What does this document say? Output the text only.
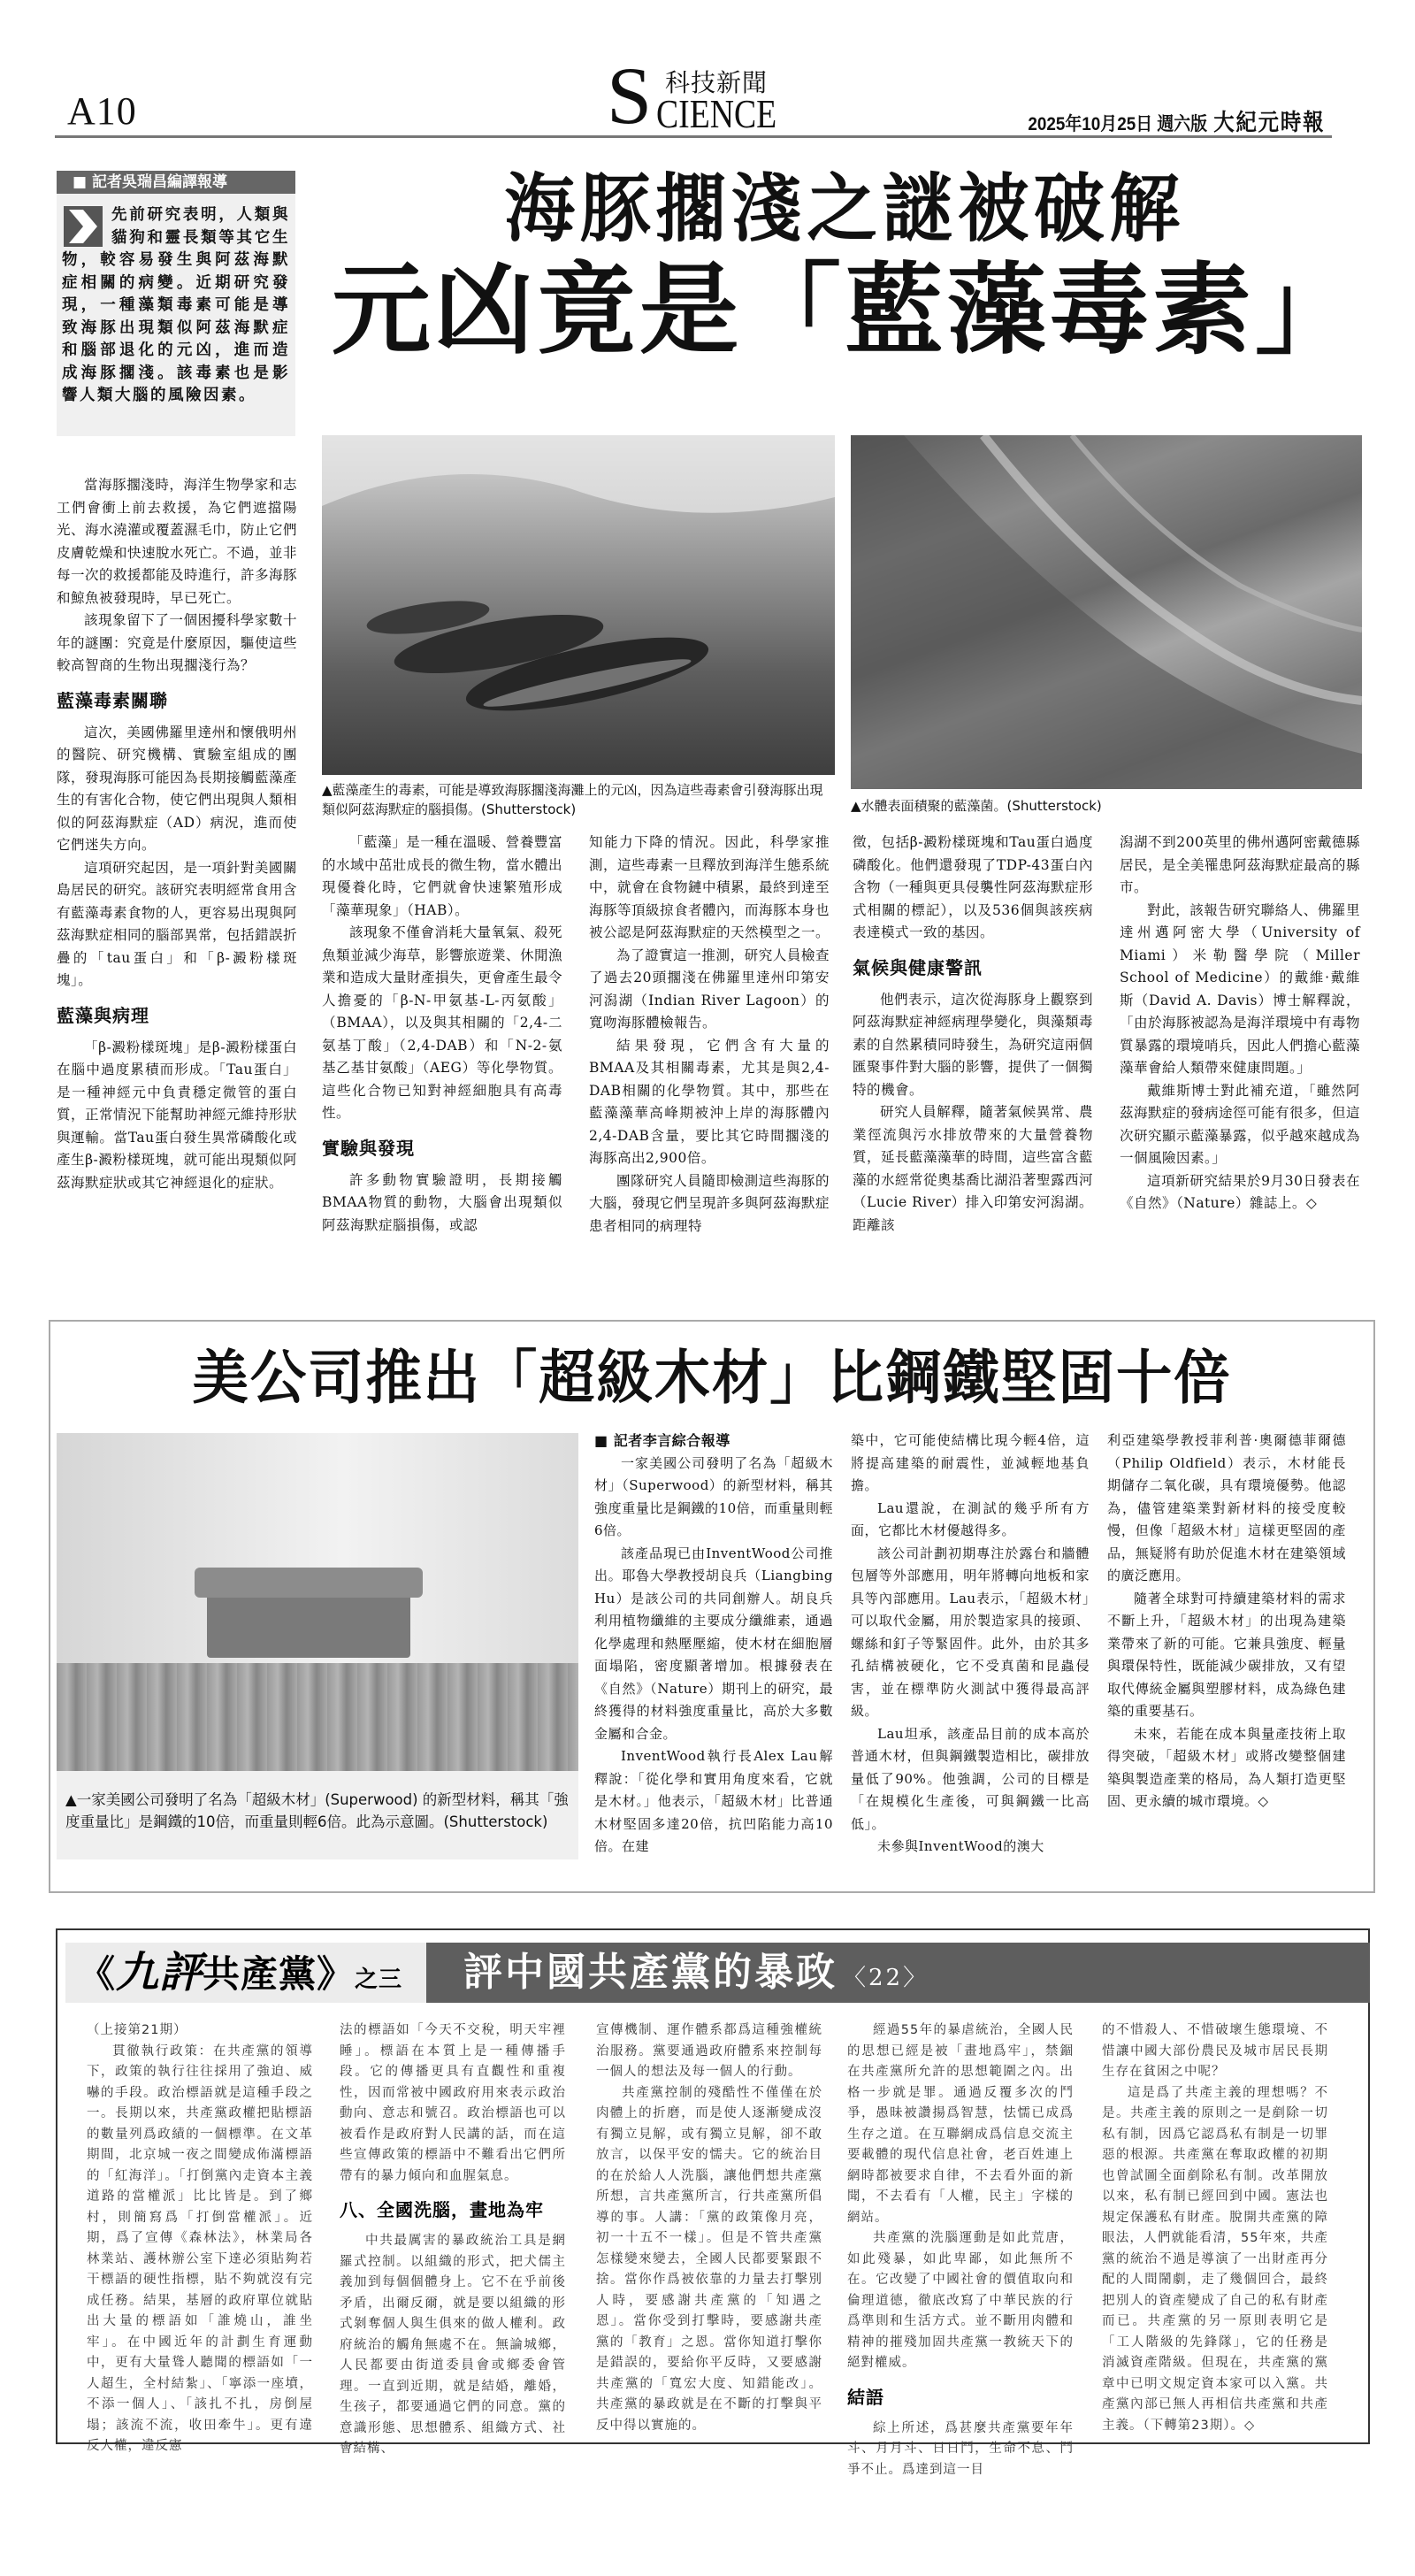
A10	S 科技新聞
CIENCE	2025年10月25日 週六版 大紀元時報
■ 記者吳瑞昌編譯報導
先前研究表明，人類與貓狗和靈長類等其它生物，較容易發生與阿茲海默症相關的病變。近期研究發現，一種藻類毒素可能是導致海豚出現類似阿茲海默症和腦部退化的元凶，進而造成海豚擱淺。該毒素也是影響人類大腦的風險因素。
海豚擱淺之謎被破解
元凶竟是「藍藻毒素」
▲藍藻產生的毒素，可能是導致海豚擱淺海灘上的元凶，因為這些毒素會引發海豚出現類似阿茲海默症的腦損傷。(Shutterstock)	▲水體表面積聚的藍藻菌。(Shutterstock)

當海豚擱淺時，海洋生物學家和志工們會衝上前去救援，為它們遮擋陽光、海水澆灌或覆蓋濕毛巾，防止它們皮膚乾燥和快速脫水死亡。不過，並非每一次的救援都能及時進行，許多海豚和鯨魚被發現時，早已死亡。

該現象留下了一個困擾科學家數十年的謎團：究竟是什麼原因，驅使這些較高智商的生物出現擱淺行為？

藍藻毒素關聯

這次，美國佛羅里達州和懷俄明州的醫院、研究機構、實驗室組成的團隊，發現海豚可能因為長期接觸藍藻產生的有害化合物，使它們出現與人類相似的阿茲海默症（AD）病況，進而使它們迷失方向。

這項研究起因，是一項針對美國關島居民的研究。該研究表明經常食用含有藍藻毒素食物的人，更容易出現與阿茲海默症相同的腦部異常，包括錯誤折疊的「tau蛋白」和「β-澱粉樣斑塊」。

藍藻與病理

「β-澱粉樣斑塊」是β-澱粉樣蛋白在腦中過度累積而形成。「Tau蛋白」是一種神經元中負責穩定微管的蛋白質，正常情況下能幫助神經元維持形狀與運輸。當Tau蛋白發生異常磷酸化或產生β-澱粉樣斑塊，就可能出現類似阿茲海默症狀或其它神經退化的症狀。

「藍藻」是一種在溫暖、營養豐富的水域中茁壯成長的微生物，當水體出現優養化時，它們就會快速繁殖形成「藻華現象」（HAB）。

該現象不僅會消耗大量氧氣、殺死魚類並減少海草，影響旅遊業、休閒漁業和造成大量財產損失，更會產生最令人擔憂的「β-N-甲氨基-L-丙氨酸」（BMAA），以及與其相關的「2,4-二氨基丁酸」（2,4-DAB）和「N-2-氨基乙基甘氨酸」（AEG）等化學物質。這些化合物已知對神經細胞具有高毒性。

實驗與發現

許多動物實驗證明，長期接觸BMAA物質的動物，大腦會出現類似阿茲海默症腦損傷，或認

知能力下降的情況。因此，科學家推測，這些毒素一旦釋放到海洋生態系統中，就會在食物鏈中積累，最終到達至海豚等頂級掠食者體內，而海豚本身也被公認是阿茲海默症的天然模型之一。

為了證實這一推測，研究人員檢查了過去20頭擱淺在佛羅里達州印第安河潟湖（Indian River Lagoon）的寬吻海豚體檢報告。

結果發現，它們含有大量的BMAA及其相關毒素，尤其是與2,4-DAB相關的化學物質。其中，那些在藍藻藻華高峰期被沖上岸的海豚體內2,4-DAB含量，要比其它時間擱淺的海豚高出2,900倍。

團隊研究人員隨即檢測這些海豚的大腦，發現它們呈現許多與阿茲海默症患者相同的病理特

徵，包括β-澱粉樣斑塊和Tau蛋白過度磷酸化。他們還發現了TDP-43蛋白內含物（一種與更具侵襲性阿茲海默症形式相關的標記），以及536個與該疾病表達模式一致的基因。

氣候與健康警訊

他們表示，這次從海豚身上觀察到阿茲海默症神經病理學變化，與藻類毒素的自然累積同時發生，為研究這兩個匯聚事件對大腦的影響，提供了一個獨特的機會。

研究人員解釋，隨著氣候異常、農業徑流與污水排放帶來的大量營養物質，延長藍藻藻華的時間，這些富含藍藻的水經常從奧基喬比湖沿著聖露西河（Lucie River）排入印第安河潟湖。距離該

潟湖不到200英里的佛州邁阿密戴德縣居民，是全美罹患阿茲海默症最高的縣市。

對此，該報告研究聯絡人、佛羅里達州邁阿密大學（University of Miami）米勒醫學院（Miller School of Medicine）的戴維·戴維斯（David A. Davis）博士解釋說，「由於海豚被認為是海洋環境中有毒物質暴露的環境哨兵，因此人們擔心藍藻藻華會給人類帶來健康問題。」

戴維斯博士對此補充道，「雖然阿茲海默症的發病途徑可能有很多，但這次研究顯示藍藻暴露，似乎越來越成為一個風險因素。」

這項新研究結果於9月30日發表在《自然》（Nature）雜誌上。◇

美公司推出「超級木材」比鋼鐵堅固十倍
▲一家美國公司發明了名為「超級木材」(Superwood) 的新型材料，稱其「強度重量比」是鋼鐵的10倍，而重量則輕6倍。此為示意圖。(Shutterstock)
■ 記者李言綜合報導

一家美國公司發明了名為「超級木材」（Superwood）的新型材料，稱其強度重量比是鋼鐵的10倍，而重量則輕6倍。

該產品現已由InventWood公司推出。耶魯大學教授胡良兵（Liangbing Hu）是該公司的共同創辦人。胡良兵利用植物纖維的主要成分纖維素，通過化學處理和熱壓壓縮，使木材在細胞層面塌陷，密度顯著增加。根據發表在《自然》（Nature）期刊上的研究，最終獲得的材料強度重量比，高於大多數金屬和合金。

InventWood執行長Alex Lau解釋說：「從化學和實用角度來看，它就是木材。」他表示，「超級木材」比普通木材堅固多達20倍，抗凹陷能力高10倍。在建

築中，它可能使結構比現今輕4倍，這將提高建築的耐震性，並減輕地基負擔。

Lau還說，在測試的幾乎所有方面，它都比木材優越得多。

該公司計劃初期專注於露台和牆體包層等外部應用，明年將轉向地板和家具等內部應用。Lau表示，「超級木材」可以取代金屬，用於製造家具的接頭、螺絲和釘子等緊固件。此外，由於其多孔結構被硬化，它不受真菌和昆蟲侵害，並在標準防火測試中獲得最高評級。

Lau坦承，該產品目前的成本高於普通木材，但與鋼鐵製造相比，碳排放量低了90%。他強調，公司的目標是「在規模化生產後，可與鋼鐵一比高低」。

未參與InventWood的澳大

利亞建築學教授菲利普·奧爾德菲爾德（Philip Oldfield）表示，木材能長期儲存二氧化碳，具有環境優勢。他認為，儘管建築業對新材料的接受度較慢，但像「超級木材」這樣更堅固的產品，無疑將有助於促進木材在建築領域的廣泛應用。

隨著全球對可持續建築材料的需求不斷上升，「超級木材」的出現為建築業帶來了新的可能。它兼具強度、輕量與環保特性，既能減少碳排放，又有望取代傳統金屬與塑膠材料，成為綠色建築的重要基石。

未來，若能在成本與量產技術上取得突破，「超級木材」或將改變整個建築與製造產業的格局，為人類打造更堅固、更永續的城市環境。◇

《九評共產黨》之三	評中國共產黨的暴政 〈22〉

（上接第21期）

貫徹執行政策：在共產黨的領導下，政策的執行往往採用了強迫、威嚇的手段。政治標語就是這種手段之一。長期以來，共產黨政權把貼標語的數量列爲政績的一個標準。在文革期間，北京城一夜之間變成佈滿標語的「紅海洋」。「打倒黨內走資本主義道路的當權派」比比皆是。到了鄉村，則簡寫爲「打倒當權派」。近期，爲了宣傳《森林法》，林業局各林業站、護林辦公室下達必須貼夠若干標語的硬性指標，貼不夠就沒有完成任務。結果，基層的政府單位就貼出大量的標語如「誰燒山，誰坐牢」。在中國近年的計劃生育運動中，更有大量聳人聽聞的標語如「一人超生，全村結紮」、「寧添一座墳，不添一個人」、「該扎不扎，房倒屋塌；該流不流，收田牽牛」。更有違反人權，違反憲

法的標語如「今天不交稅，明天牢裡睡」。標語在本質上是一種傳播手段。它的傳播更具有直觀性和重複性，因而常被中國政府用來表示政治動向、意志和號召。政治標語也可以被看作是政府對人民講的話，而在這些宣傳政策的標語中不難看出它們所帶有的暴力傾向和血腥氣息。

八、全國洗腦，畫地為牢

中共最厲害的暴政統治工具是網羅式控制。以組織的形式，把犬儒主義加到每個個體身上。它不在乎前後矛盾，出爾反爾，就是要以組織的形式剝奪個人與生俱來的做人權利。政府統治的觸角無處不在。無論城鄉，人民都要由街道委員會或鄉委會管理。一直到近期，就是結婚，離婚，生孩子，都要通過它們的同意。黨的意識形態、思想體系、組織方式、社會結構、

宣傳機制、運作體系都爲這種強權統治服務。黨要通過政府體系來控制每一個人的想法及每一個人的行動。

共產黨控制的殘酷性不僅僅在於肉體上的折磨，而是使人逐漸變成沒有獨立見解，或有獨立見解，卻不敢放言，以保平安的懦夫。它的統治目的在於給人人洗腦，讓他們想共產黨所想，言共產黨所言，行共產黨所倡導的事。人講：「黨的政策像月亮，初一十五不一樣」。但是不管共產黨怎樣變來變去，全國人民都要緊跟不捨。當你作爲被依靠的力量去打擊別人時，要感謝共產黨的「知遇之恩」。當你受到打擊時，要感謝共產黨的「教育」之恩。當你知道打擊你是錯誤的，要給你平反時，又要感謝共產黨的「寬宏大度、知錯能改」。共產黨的暴政就是在不斷的打擊與平反中得以實施的。

經過55年的暴虐統治，全國人民的思想已經是被「畫地爲牢」，禁錮在共產黨所允許的思想範圍之內。出格一步就是罪。通過反覆多次的鬥爭，愚昧被讚揚爲智慧，怯懦已成爲生存之道。在互聯網成爲信息交流主要載體的現代信息社會，老百姓連上網時都被要求自律，不去看外面的新聞，不去看有「人權，民主」字樣的網站。

共產黨的洗腦運動是如此荒唐，如此殘暴，如此卑鄙，如此無所不在。它改變了中國社會的價值取向和倫理道德，徹底改寫了中華民族的行爲準則和生活方式。並不斷用肉體和精神的摧殘加固共產黨一教統天下的絕對權威。

結語

綜上所述，爲甚麼共產黨要年年斗、月月斗、日日鬥，生命不息、鬥爭不止。爲達到這一目

的不惜殺人、不惜破壞生態環境、不惜讓中國大部份農民及城市居民長期生存在貧困之中呢？

這是爲了共產主義的理想嗎？不是。共產主義的原則之一是剷除一切私有制，因爲它認爲私有制是一切罪惡的根源。共產黨在奪取政權的初期也曾試圖全面剷除私有制。改革開放以來，私有制已經回到中國。憲法也規定保護私有財產。脫開共產黨的障眼法，人們就能看清，55年來，共產黨的統治不過是導演了一出財產再分配的人間鬧劇，走了幾個回合，最終把別人的資產變成了自己的私有財產而已。共產黨的另一原則表明它是「工人階級的先鋒隊」，它的任務是消滅資產階級。但現在，共產黨的黨章中已明文規定資本家可以入黨。共產黨內部已無人再相信共產黨和共產主義。（下轉第23期）。◇
